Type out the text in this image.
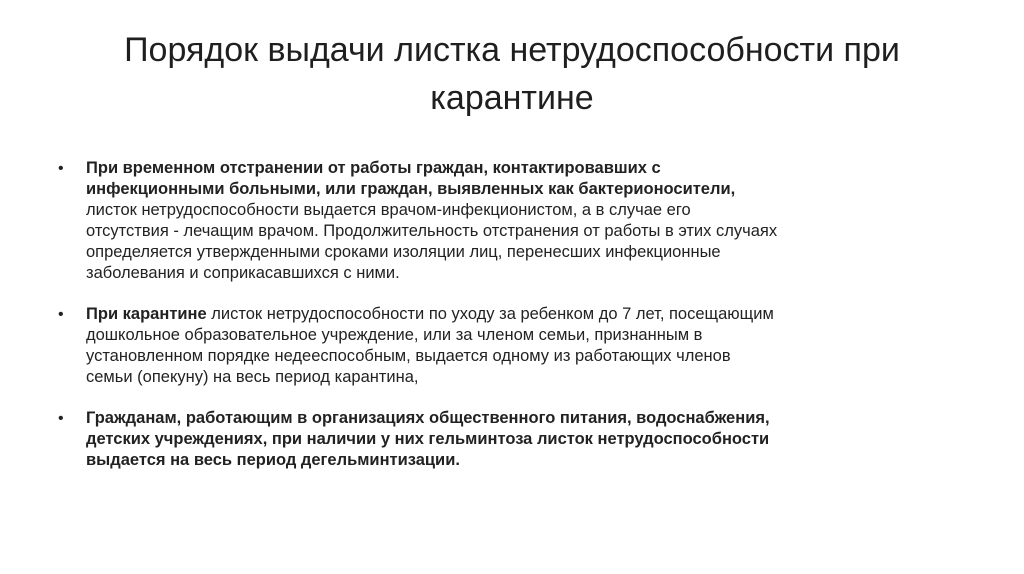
Порядок выдачи листка нетрудоспособности при карантине
• При временном отстранении от работы граждан, контактировавших с инфекционными больными, или граждан, выявленных как бактерионосители, листок нетрудоспособности выдается врачом-инфекционистом, а в случае его отсутствия - лечащим врачом. Продолжительность отстранения от работы в этих случаях определяется утвержденными сроками изоляции лиц, перенесших инфекционные заболевания и соприкасавшихся с ними.
• При карантине листок нетрудоспособности по уходу за ребенком до 7 лет, посещающим дошкольное образовательное учреждение, или за членом семьи, признанным в установленном порядке недееспособным, выдается одному из работающих членов семьи (опекуну) на весь период карантина,
• Гражданам, работающим в организациях общественного питания, водоснабжения, детских учреждениях, при наличии у них гельминтоза листок нетрудоспособности выдается на весь период дегельминтизации.
